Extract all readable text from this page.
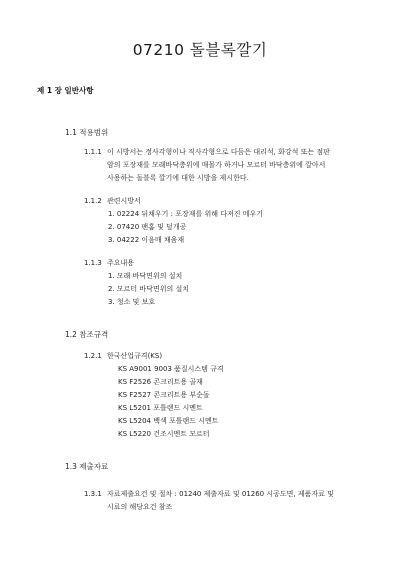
07210 돌블록깔기
제 1 장 일반사항
1.1 적용범위
1.1.1 이 시방서는 정사각형이나 직사각형으로 다듬은 대리석, 화강석 또는 점판
암의 포장재를 모래바닥층위에 매몰가 하거나 모르터 바닥층위에 깔아서
사용하는 돌블록 깔기에 대한 시방을 제시한다.
1.1.2 관련시방서
1. 02224 뒤채우기 : 포장재를 위해 다져진 메우기
2. 07420 팬홈 및 덮개공
3. 04222 이음매 채움재
1.1.3 주요내용
1. 모래 바닥면위의 설치
2. 모르터 바닥면위의 설치
3. 청소 및 보호
1.2 참조규격
1.2.1 한국산업규격(KS)
KS A9001 9003 품질시스템 규격
KS F2526 콘크리트용 골재
KS F2527 콘크리트용 부순돌
KS L5201 포틀랜드 시멘트
KS L5204 백색 포틀랜드 시멘트
KS L5220 건조시멘트 모르터
1.3 제출자료
1.3.1 자료제출요건 및 절차 : 01240 제출자료 및 01260 시공도면, 제품자료 및
시료의 해당요건 참조
